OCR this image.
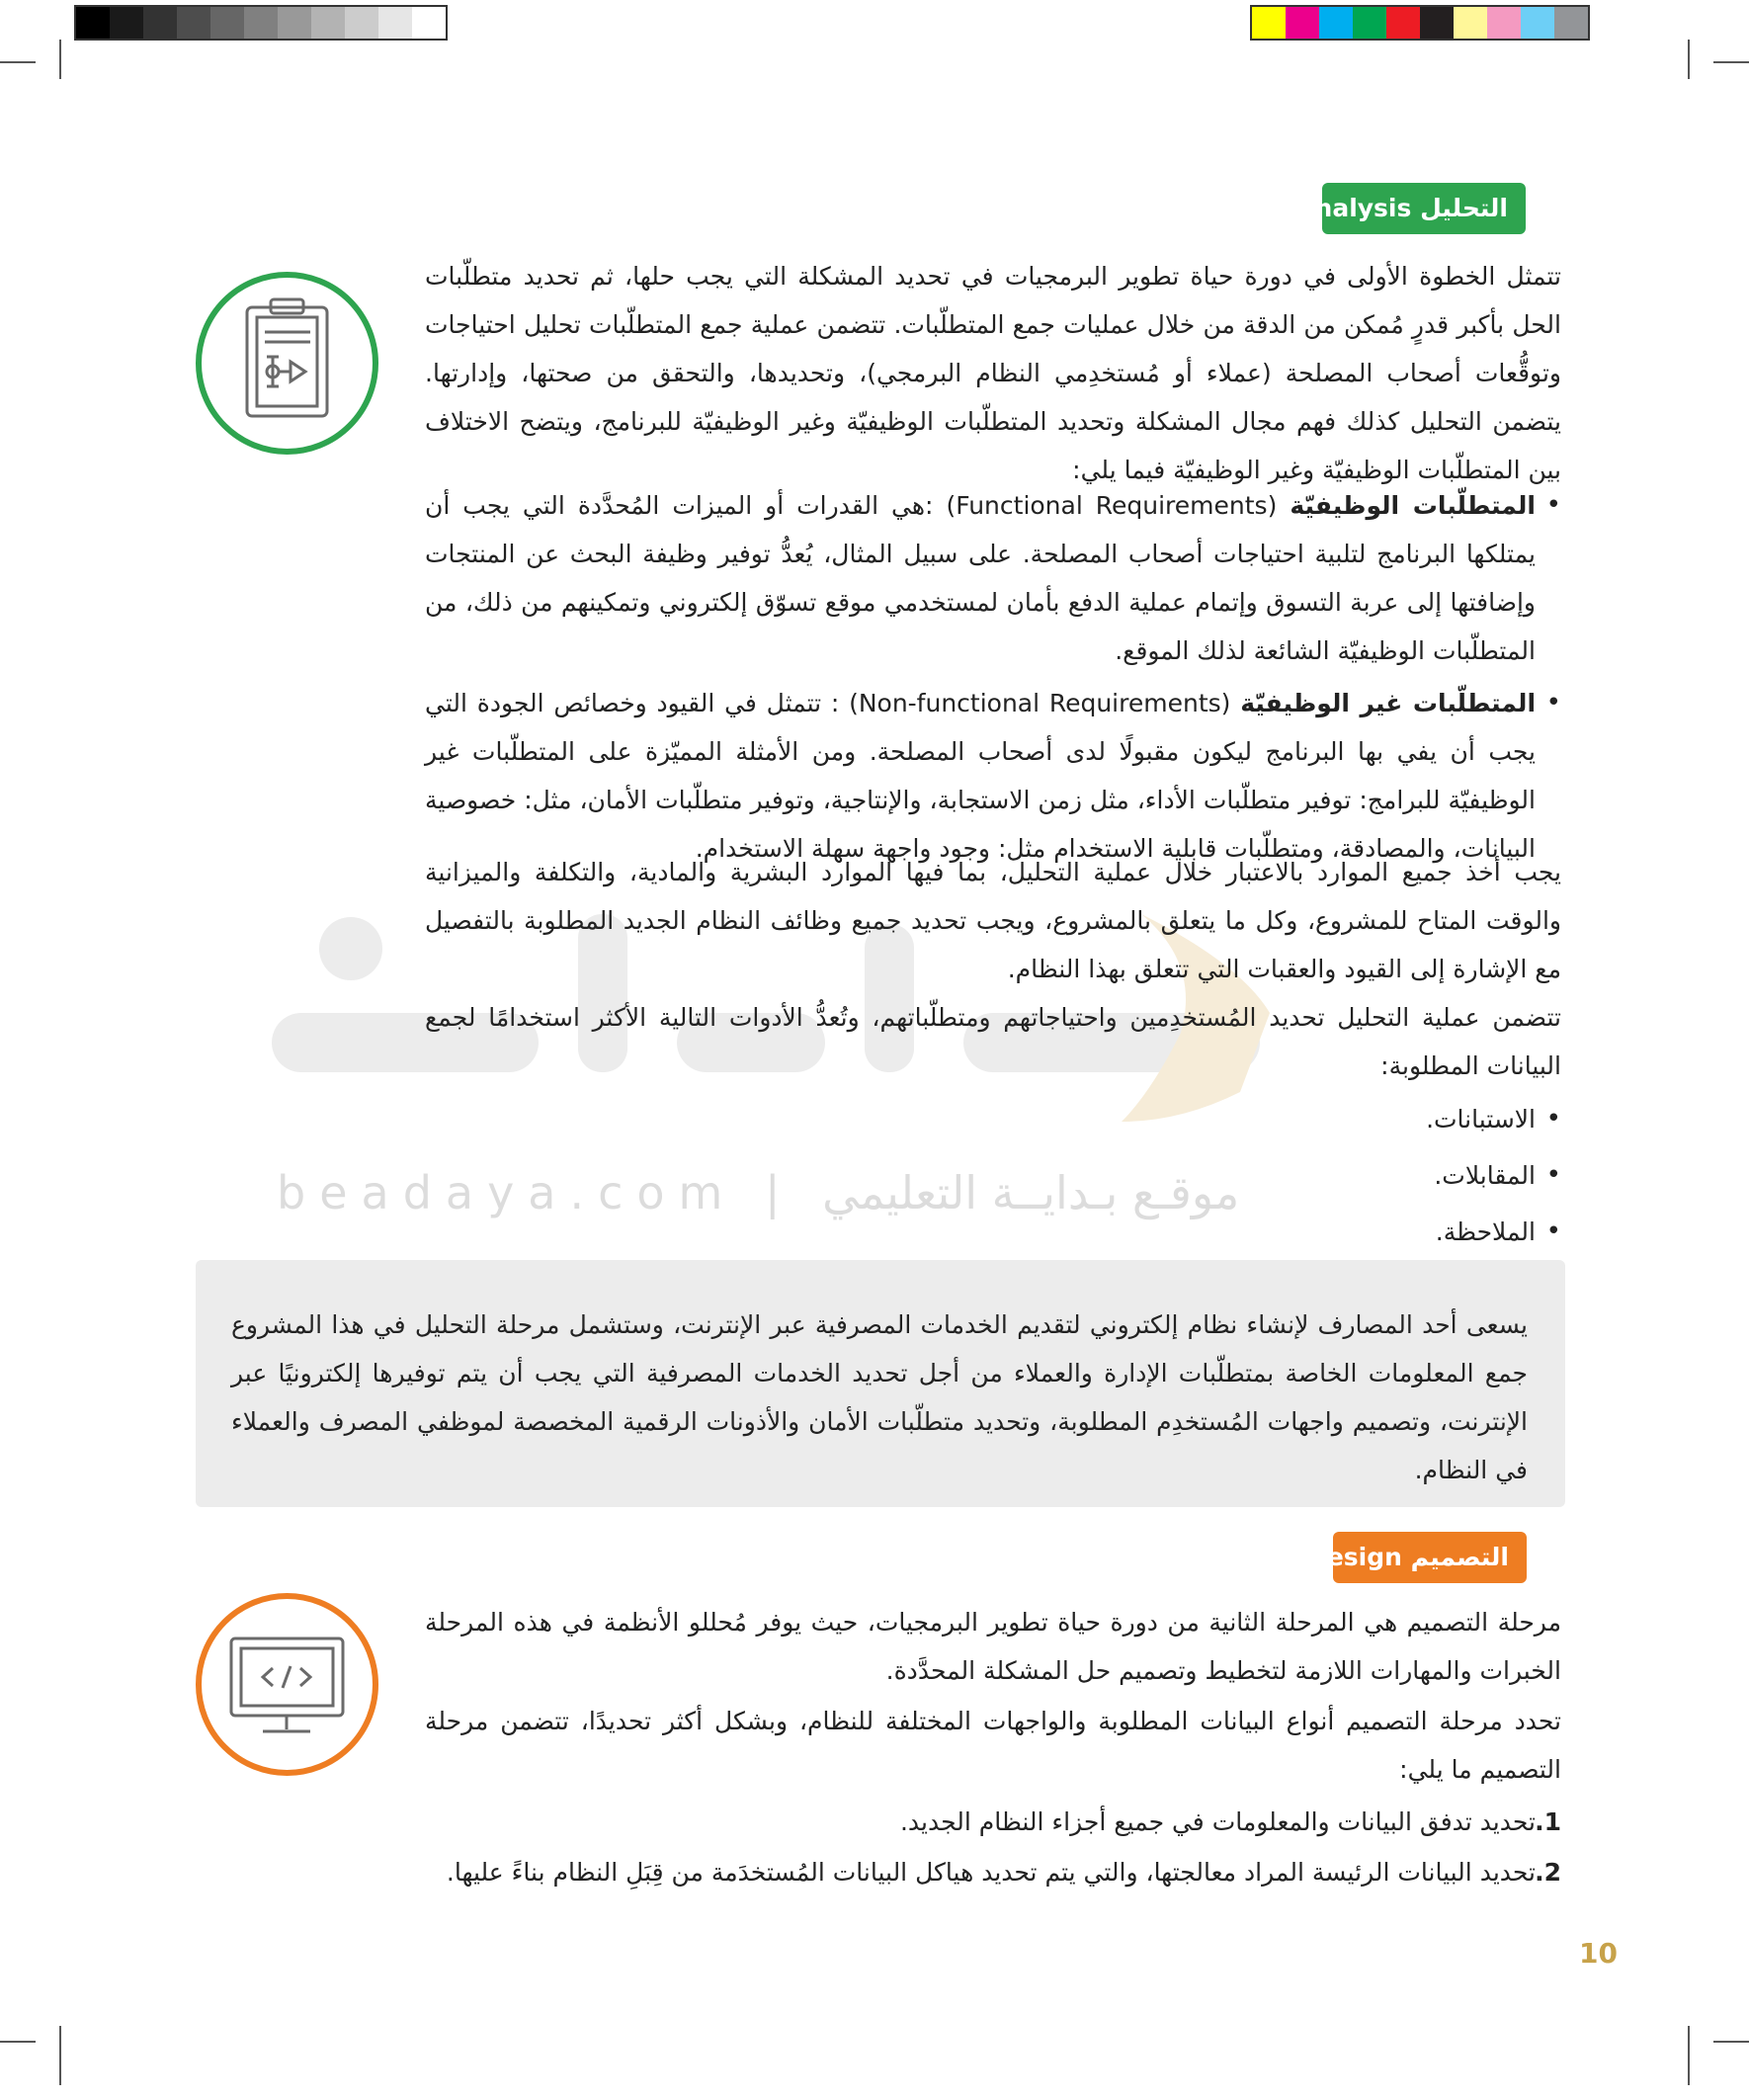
beadaya.com | موقـع بـدايــة التعليمي
التحليل Analysis

تتمثل الخطوة الأولى في دورة حياة تطوير البرمجيات في تحديد المشكلة التي يجب حلها، ثم تحديد متطلّبات الحل بأكبر قدرٍ مُمكن من الدقة من خلال عمليات جمع المتطلّبات. تتضمن عملية جمع المتطلّبات تحليل احتياجات وتوقُّعات أصحاب المصلحة (عملاء أو مُستخدِمي النظام البرمجي)، وتحديدها، والتحقق من صحتها، وإدارتها. يتضمن التحليل كذلك فهم مجال المشكلة وتحديد المتطلّبات الوظيفيّة وغير الوظيفيّة للبرنامج، ويتضح الاختلاف بين المتطلّبات الوظيفيّة وغير الوظيفيّة فيما يلي:

• المتطلّبات الوظيفيّة (Functional Requirements) :هي القدرات أو الميزات المُحدَّدة التي يجب أن يمتلكها البرنامج لتلبية احتياجات أصحاب المصلحة. على سبيل المثال، يُعدُّ توفير وظيفة البحث عن المنتجات وإضافتها إلى عربة التسوق وإتمام عملية الدفع بأمان لمستخدمي موقع تسوّق إلكتروني وتمكينهم من ذلك، من المتطلّبات الوظيفيّة الشائعة لذلك الموقع.
• المتطلّبات غير الوظيفيّة (Non-functional Requirements) : تتمثل في القيود وخصائص الجودة التي يجب أن يفي بها البرنامج ليكون مقبولًا لدى أصحاب المصلحة. ومن الأمثلة المميّزة على المتطلّبات غير الوظيفيّة للبرامج: توفير متطلّبات الأداء، مثل زمن الاستجابة، والإنتاجية، وتوفير متطلّبات الأمان، مثل: خصوصية البيانات، والمصادقة، ومتطلّبات قابلية الاستخدام مثل: وجود واجهة سهلة الاستخدام.

يجب أخذ جميع الموارد بالاعتبار خلال عملية التحليل، بما فيها الموارد البشرية والمادية، والتكلفة والميزانية والوقت المتاح للمشروع، وكل ما يتعلق بالمشروع، ويجب تحديد جميع وظائف النظام الجديد المطلوبة بالتفصيل مع الإشارة إلى القيود والعقبات التي تتعلق بهذا النظام.

تتضمن عملية التحليل تحديد المُستخدِمين واحتياجاتهم ومتطلّباتهم، وتُعدُّ الأدوات التالية الأكثر استخدامًا لجمع البيانات المطلوبة:

• الاستبانات.
• المقابلات.
• الملاحظة.
يسعى أحد المصارف لإنشاء نظام إلكتروني لتقديم الخدمات المصرفية عبر الإنترنت، وستشمل مرحلة التحليل في هذا المشروع جمع المعلومات الخاصة بمتطلّبات الإدارة والعملاء من أجل تحديد الخدمات المصرفية التي يجب أن يتم توفيرها إلكترونيًا عبر الإنترنت، وتصميم واجهات المُستخدِم المطلوبة، وتحديد متطلّبات الأمان والأذونات الرقمية المخصصة لموظفي المصرف والعملاء في النظام.
التصميم Design

مرحلة التصميم هي المرحلة الثانية من دورة حياة تطوير البرمجيات، حيث يوفر مُحللو الأنظمة في هذه المرحلة الخبرات والمهارات اللازمة لتخطيط وتصميم حل المشكلة المحدَّدة.

تحدد مرحلة التصميم أنواع البيانات المطلوبة والواجهات المختلفة للنظام، وبشكل أكثر تحديدًا، تتضمن مرحلة التصميم ما يلي:

1.
تحديد تدفق البيانات والمعلومات في جميع أجزاء النظام الجديد.
2.
تحديد البيانات الرئيسة المراد معالجتها، والتي يتم تحديد هياكل البيانات المُستخدَمة من قِبَلِ النظام بناءً عليها.
10
